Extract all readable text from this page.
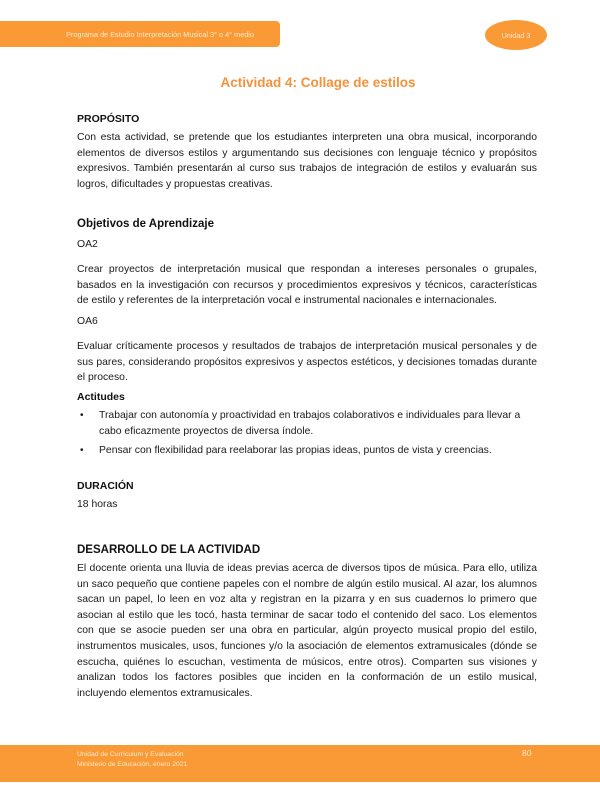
Programa de Estudio Interpretación Musical 3° o 4° medio	Unidad 3
Actividad 4: Collage de estilos
PROPÓSITO
Con esta actividad, se pretende que los estudiantes interpreten una obra musical, incorporando elementos de diversos estilos y argumentando sus decisiones con lenguaje técnico y propósitos expresivos. También presentarán al curso sus trabajos de integración de estilos y evaluarán sus logros, dificultades y propuestas creativas.
Objetivos de Aprendizaje
OA2
Crear proyectos de interpretación musical que respondan a intereses personales o grupales, basados en la investigación con recursos y procedimientos expresivos y técnicos, características de estilo y referentes de la interpretación vocal e instrumental nacionales e internacionales.
OA6
Evaluar críticamente procesos y resultados de trabajos de interpretación musical personales y de sus pares, considerando propósitos expresivos y aspectos estéticos, y decisiones tomadas durante el proceso.
Actitudes
• Trabajar con autonomía y proactividad en trabajos colaborativos e individuales para llevar a cabo eficazmente proyectos de diversa índole.
• Pensar con flexibilidad para reelaborar las propias ideas, puntos de vista y creencias.
DURACIÓN
18 horas
DESARROLLO DE LA ACTIVIDAD
El docente orienta una lluvia de ideas previas acerca de diversos tipos de música. Para ello, utiliza un saco pequeño que contiene papeles con el nombre de algún estilo musical. Al azar, los alumnos sacan un papel, lo leen en voz alta y registran en la pizarra y en sus cuadernos lo primero que asocian al estilo que les tocó, hasta terminar de sacar todo el contenido del saco. Los elementos con que se asocie pueden ser una obra en particular, algún proyecto musical propio del estilo, instrumentos musicales, usos, funciones y/o la asociación de elementos extramusicales (dónde se escucha, quiénes lo escuchan, vestimenta de músicos, entre otros). Comparten sus visiones y analizan todos los factores posibles que inciden en la conformación de un estilo musical, incluyendo elementos extramusicales.
Unidad de Currículum y Evaluación
Ministerio de Educación, enero 2021
80
